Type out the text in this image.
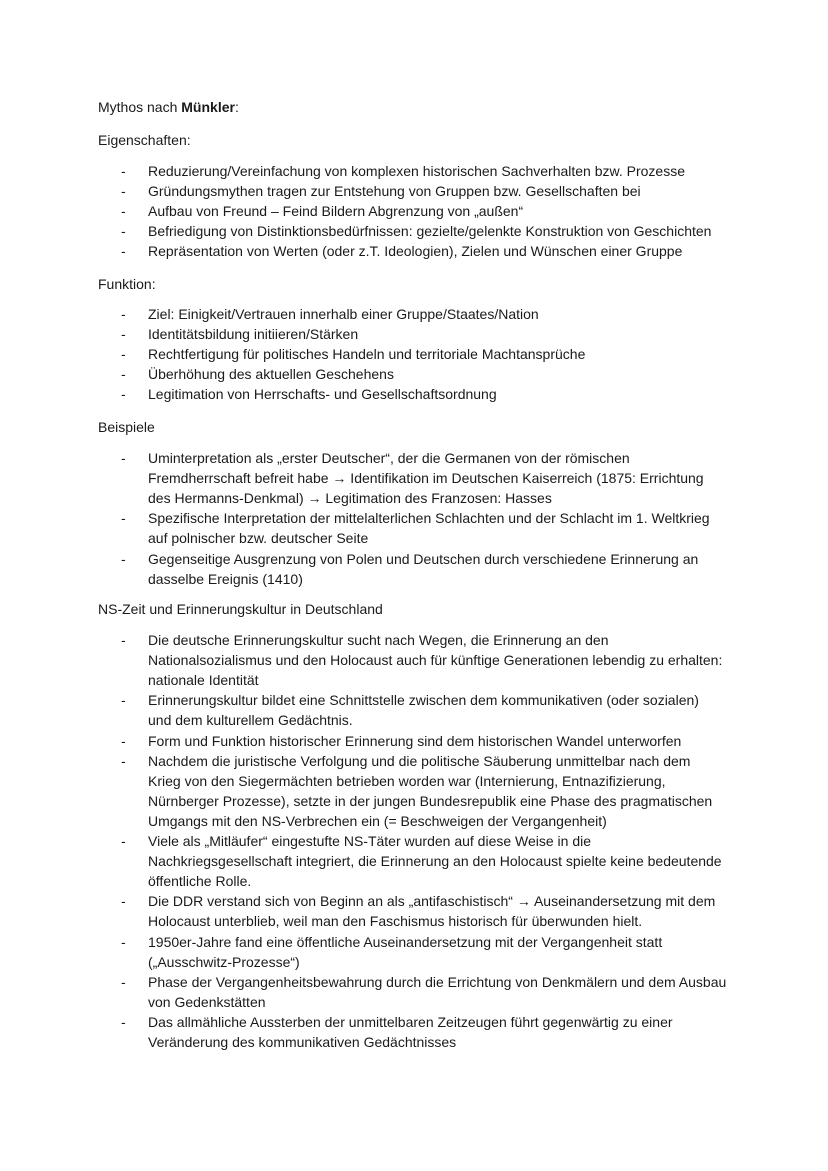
Mythos nach Münkler:
Eigenschaften:
-	Reduzierung/Vereinfachung von komplexen historischen Sachverhalten bzw. Prozesse
-	Gründungsmythen tragen zur Entstehung von Gruppen bzw. Gesellschaften bei
-	Aufbau von Freund – Feind Bildern Abgrenzung von „außen“
-	Befriedigung von Distinktionsbedürfnissen: gezielte/gelenkte Konstruktion von Geschichten
-	Repräsentation von Werten (oder z.T. Ideologien), Zielen und Wünschen einer Gruppe
Funktion:
-	Ziel: Einigkeit/Vertrauen innerhalb einer Gruppe/Staates/Nation
-	Identitätsbildung initiieren/Stärken
-	Rechtfertigung für politisches Handeln und territoriale Machtansprüche
-	Überhöhung des aktuellen Geschehens
-	Legitimation von Herrschafts- und Gesellschaftsordnung
Beispiele
-	Uminterpretation als „erster Deutscher“, der die Germanen von der römischen
Fremdherrschaft befreit habe → Identifikation im Deutschen Kaiserreich (1875: Errichtung
des Hermanns-Denkmal) → Legitimation des Franzosen: Hasses
-	Spezifische Interpretation der mittelalterlichen Schlachten und der Schlacht im 1. Weltkrieg
auf polnischer bzw. deutscher Seite
-	Gegenseitige Ausgrenzung von Polen und Deutschen durch verschiedene Erinnerung an
dasselbe Ereignis (1410)
NS-Zeit und Erinnerungskultur in Deutschland
-	Die deutsche Erinnerungskultur sucht nach Wegen, die Erinnerung an den
Nationalsozialismus und den Holocaust auch für künftige Generationen lebendig zu erhalten:
nationale Identität
-	Erinnerungskultur bildet eine Schnittstelle zwischen dem kommunikativen (oder sozialen)
und dem kulturellem Gedächtnis.
-	Form und Funktion historischer Erinnerung sind dem historischen Wandel unterworfen
-	Nachdem die juristische Verfolgung und die politische Säuberung unmittelbar nach dem
Krieg von den Siegermächten betrieben worden war (Internierung, Entnazifizierung,
Nürnberger Prozesse), setzte in der jungen Bundesrepublik eine Phase des pragmatischen
Umgangs mit den NS-Verbrechen ein (= Beschweigen der Vergangenheit)
-	Viele als „Mitläufer“ eingestufte NS-Täter wurden auf diese Weise in die
Nachkriegsgesellschaft integriert, die Erinnerung an den Holocaust spielte keine bedeutende
öffentliche Rolle.
-	Die DDR verstand sich von Beginn an als „antifaschistisch“ → Auseinandersetzung mit dem
Holocaust unterblieb, weil man den Faschismus historisch für überwunden hielt.
-	1950er-Jahre fand eine öffentliche Auseinandersetzung mit der Vergangenheit statt
(„Ausschwitz-Prozesse“)
-	Phase der Vergangenheitsbewahrung durch die Errichtung von Denkmälern und dem Ausbau
von Gedenkstätten
-	Das allmähliche Aussterben der unmittelbaren Zeitzeugen führt gegenwärtig zu einer
Veränderung des kommunikativen Gedächtnisses
